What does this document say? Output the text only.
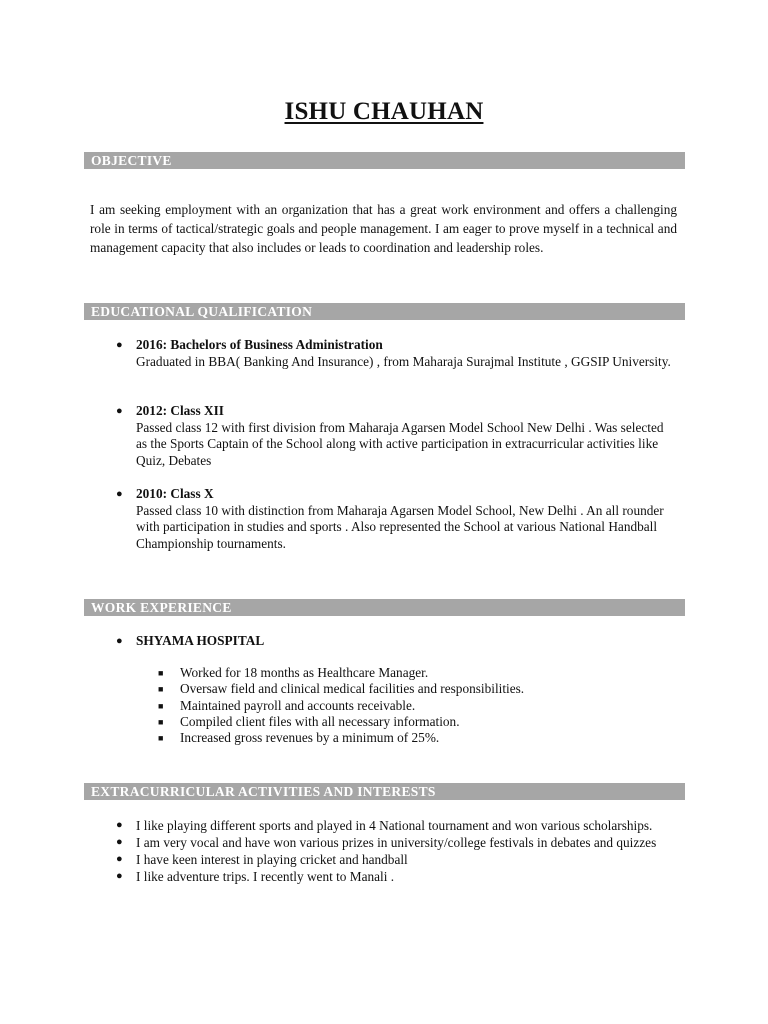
ISHU CHAUHAN
OBJECTIVE
I am seeking employment with an organization that has a great work environment and offers a challenging role in terms of tactical/strategic goals and people management. I am eager to prove myself in a technical and management capacity that also includes or leads to coordination and leadership roles.
EDUCATIONAL QUALIFICATION
●	2016: Bachelors of Business Administration
Graduated in BBA( Banking And Insurance) , from Maharaja Surajmal Institute , GGSIP University.
●	2012: Class XII
Passed class 12 with first division from Maharaja Agarsen Model School New Delhi . Was selected as the Sports Captain of the School along with active participation in extracurricular activities like Quiz, Debates
●	2010: Class X
Passed class 10 with distinction from Maharaja Agarsen Model School, New Delhi . An all rounder with participation in studies and sports . Also represented the School at various National Handball Championship tournaments.
WORK EXPERIENCE
●	SHYAMA HOSPITAL
■	Worked for 18 months as Healthcare Manager.
■	Oversaw field and clinical medical facilities and responsibilities.
■	Maintained payroll and accounts receivable.
■	Compiled client files with all necessary information.
■	Increased gross revenues by a minimum of 25%.
EXTRACURRICULAR ACTIVITIES AND INTERESTS
●	I like playing different sports and played in 4 National tournament and won various scholarships.
●	I am very vocal and have won various prizes in university/college festivals in debates and quizzes
●	I have keen interest in playing cricket and handball
●	I like adventure trips. I recently went to Manali .
